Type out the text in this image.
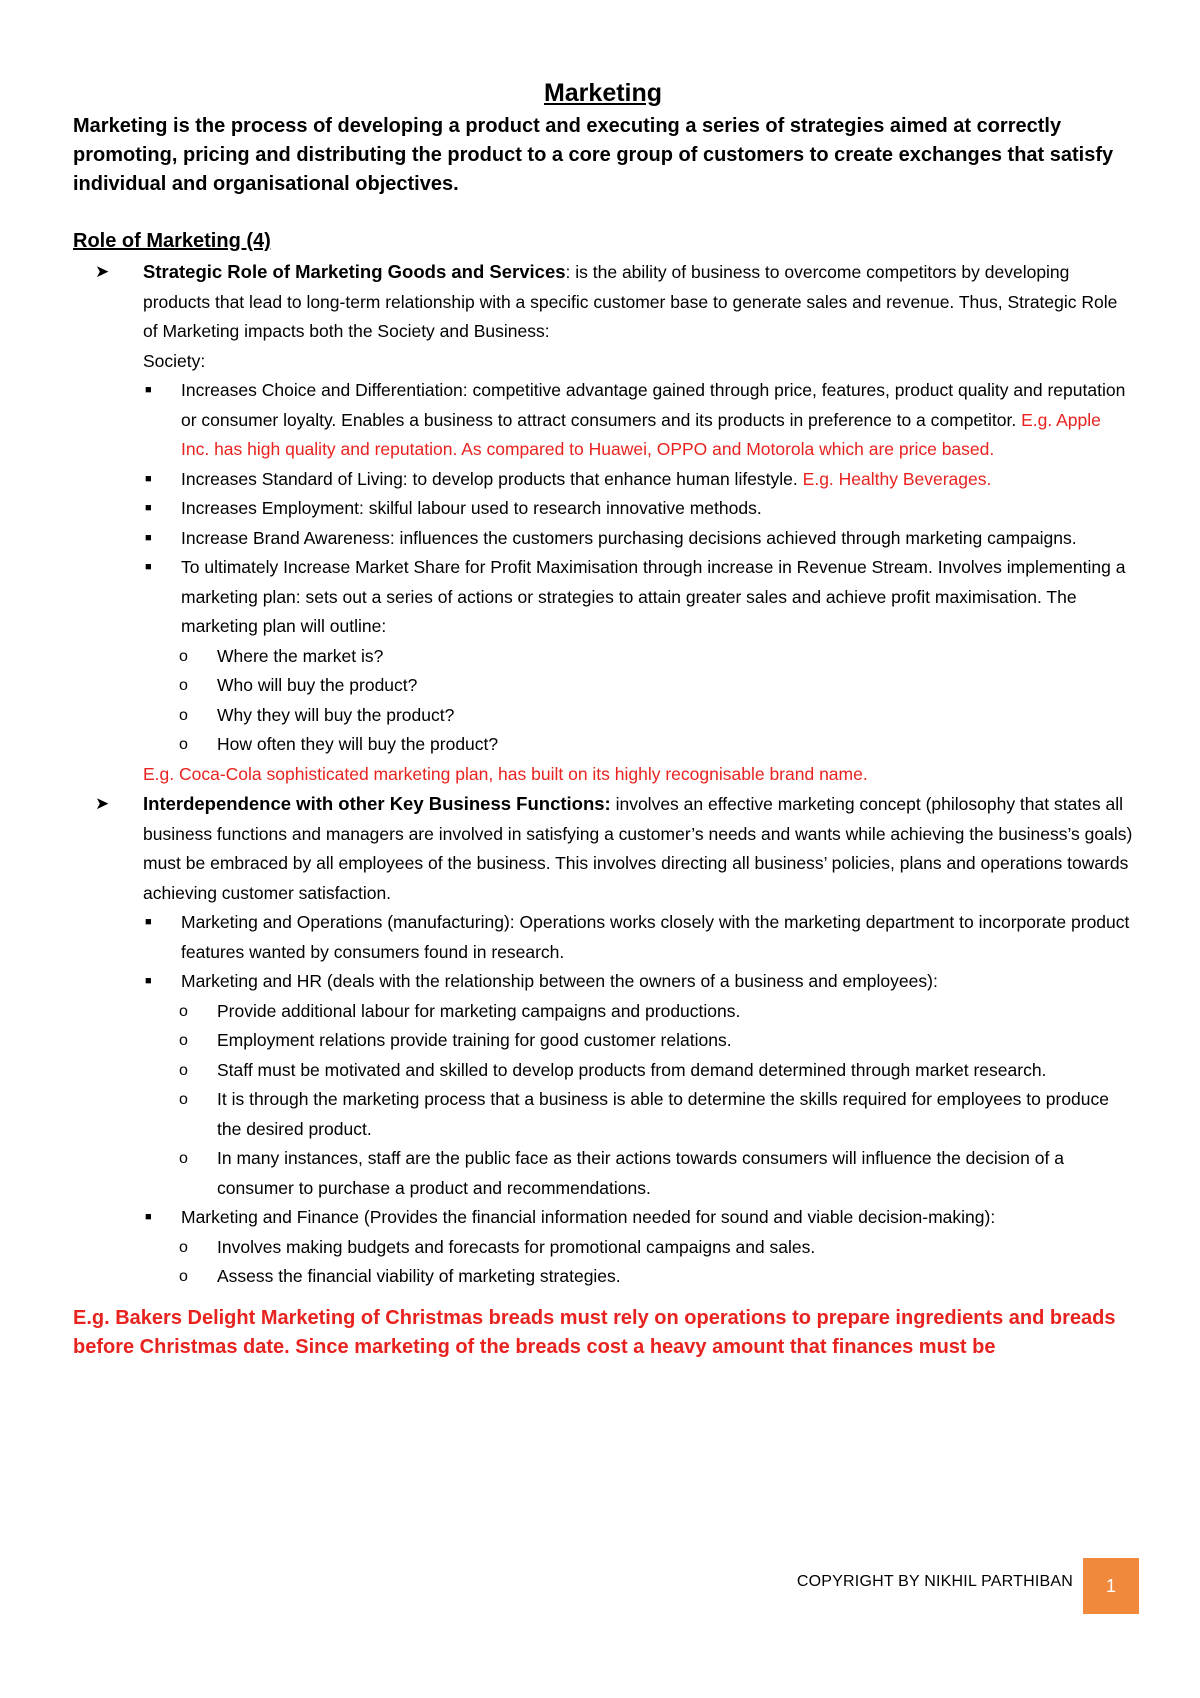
Marketing

Marketing is the process of developing a product and executing a series of strategies aimed at correctly promoting, pricing and distributing the product to a core group of customers to create exchanges that satisfy individual and organisational objectives.

Role of Marketing (4)
➤ Strategic Role of Marketing Goods and Services: is the ability of business to overcome competitors by developing products that lead to long-term relationship with a specific customer base to generate sales and revenue. Thus, Strategic Role of Marketing impacts both the Society and Business:
Society:
■ Increases Choice and Differentiation: competitive advantage gained through price, features, product quality and reputation or consumer loyalty. Enables a business to attract consumers and its products in preference to a competitor. E.g. Apple Inc. has high quality and reputation. As compared to Huawei, OPPO and Motorola which are price based.
■ Increases Standard of Living: to develop products that enhance human lifestyle. E.g. Healthy Beverages.
■ Increases Employment: skilful labour used to research innovative methods.
■ Increase Brand Awareness: influences the customers purchasing decisions achieved through marketing campaigns.
■ To ultimately Increase Market Share for Profit Maximisation through increase in Revenue Stream. Involves implementing a marketing plan: sets out a series of actions or strategies to attain greater sales and achieve profit maximisation. The marketing plan will outline:
o Where the market is?
o Who will buy the product?
o Why they will buy the product?
o How often they will buy the product?
E.g. Coca-Cola sophisticated marketing plan, has built on its highly recognisable brand name.
➤ Interdependence with other Key Business Functions: involves an effective marketing concept (philosophy that states all business functions and managers are involved in satisfying a customer’s needs and wants while achieving the business’s goals) must be embraced by all employees of the business. This involves directing all business’ policies, plans and operations towards achieving customer satisfaction.
■ Marketing and Operations (manufacturing): Operations works closely with the marketing department to incorporate product features wanted by consumers found in research.
■ Marketing and HR (deals with the relationship between the owners of a business and employees):
o Provide additional labour for marketing campaigns and productions.
o Employment relations provide training for good customer relations.
o Staff must be motivated and skilled to develop products from demand determined through market research.
o It is through the marketing process that a business is able to determine the skills required for employees to produce the desired product.
o In many instances, staff are the public face as their actions towards consumers will influence the decision of a consumer to purchase a product and recommendations.
■ Marketing and Finance (Provides the financial information needed for sound and viable decision-making):
o Involves making budgets and forecasts for promotional campaigns and sales.
o Assess the financial viability of marketing strategies.
E.g. Bakers Delight Marketing of Christmas breads must rely on operations to prepare ingredients and breads before Christmas date. Since marketing of the breads cost a heavy amount that finances must be
COPYRIGHT BY NIKHIL PARTHIBAN	1
